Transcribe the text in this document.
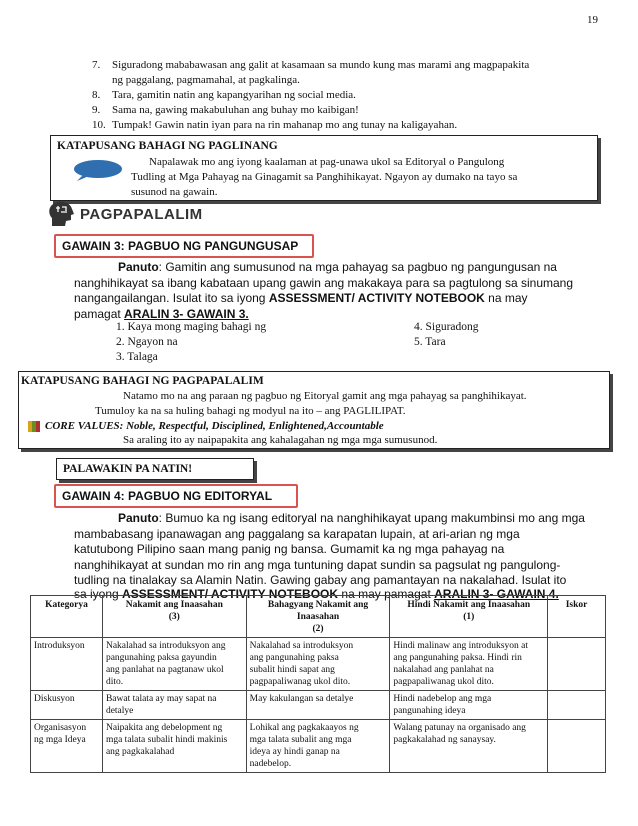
19
7. Siguradong mababawasan ang galit at kasamaan sa mundo kung mas marami ang magpapakita
ng paggalang, pagmamahal, at pagkalinga.
8. Tara, gamitin natin ang kapangyarihan ng social media.
9. Sama na, gawing makabuluhan ang buhay mo kaibigan!
10. Tumpak! Gawin natin iyan para na rin mahanap mo ang tunay na kaligayahan.
KATAPUSANG BAHAGI NG PAGLINANG
Napalawak mo ang iyong kaalaman at pag-unawa ukol sa Editoryal o Pangulong
Tudling at Mga Pahayag na Ginagamit sa Panghihikayat. Ngayon ay dumako na tayo sa
susunod na gawain.
PAGPAPALALIM
GAWAIN 3: PAGBUO NG PANGUNGUSAP
Panuto: Gamitin ang sumusunod na mga pahayag sa pagbuo ng pangungusan na
nanghihikayat sa ibang kabataan upang gawin ang makakaya para sa pagtulong sa sinumang
nangangailangan. Isulat ito sa iyong ASSESSMENT/ ACTIVITY NOTEBOOK na may
pamagat ARALIN 3- GAWAIN 3.
1. Kaya mong maging bahagi ng
2. Ngayon na
3. Talaga
4. Siguradong
5. Tara
KATAPUSANG BAHAGI NG PAGPAPALALIM
Natamo mo na ang paraan ng pagbuo ng Eitoryal gamit ang mga pahayag sa panghihikayat.
Tumuloy ka na sa huling bahagi ng modyul na ito – ang PAGLILIPAT.
CORE VALUES: Noble, Respectful, Disciplined, Enlightened,Accountable
Sa araling ito ay naipapakita ang kahalagahan ng mga mga sumusunod.
PALAWAKIN PA NATIN!
GAWAIN 4: PAGBUO NG EDITORYAL
Panuto: Bumuo ka ng isang editoryal na nanghihikayat upang makumbinsi mo ang mga
mambabasang ipanawagan ang paggalang sa karapatan lupain, at ari-arian ng mga
katutubong Pilipino saan mang panig ng bansa. Gumamit ka ng mga pahayag na
nanghihikayat at sundan mo rin ang mga tuntuning dapat sundin sa pagsulat ng pangulong-
tudling na tinalakay sa Alamin Natin. Gawing gabay ang pamantayan na nakalahad. Isulat ito
sa iyong ASSESSMENT/ ACTIVITY NOTEBOOK na may pamagat ARALIN 3- GAWAIN 4.
Kategorya	Nakamit ang Inaasahan
(3)	Bahagyang Nakamit ang
Inaasahan
(2)	Hindi Nakamit ang Inaasahan
(1)	Iskor
Introduksyon	Nakalahad sa introduksyon ang
pangunahing paksa gayundin
ang panlahat na pagtanaw ukol
dito.	Nakalahad sa introduksyon
ang pangunahing paksa
subalit hindi sapat ang
pagpapaliwanag ukol dito.	Hindi malinaw ang introduksyon at
ang pangunahing paksa. Hindi rin
nakalahad ang panlahat na
pagpapaliwanag ukol dito.	
Diskusyon	Bawat talata ay may sapat na
detalye	May kakulangan sa detalye	Hindi nadebelop ang mga
pangunahing ideya	
Organisasyon
ng mga Ideya	Naipakita ang debelopment ng
mga talata subalit hindi makinis
ang pagkakalahad	Lohikal ang pagkakaayos ng
mga talata subalit ang mga
ideya ay hindi ganap na
nadebelop.	Walang patunay na organisado ang
pagkakalahad ng sanaysay.	
